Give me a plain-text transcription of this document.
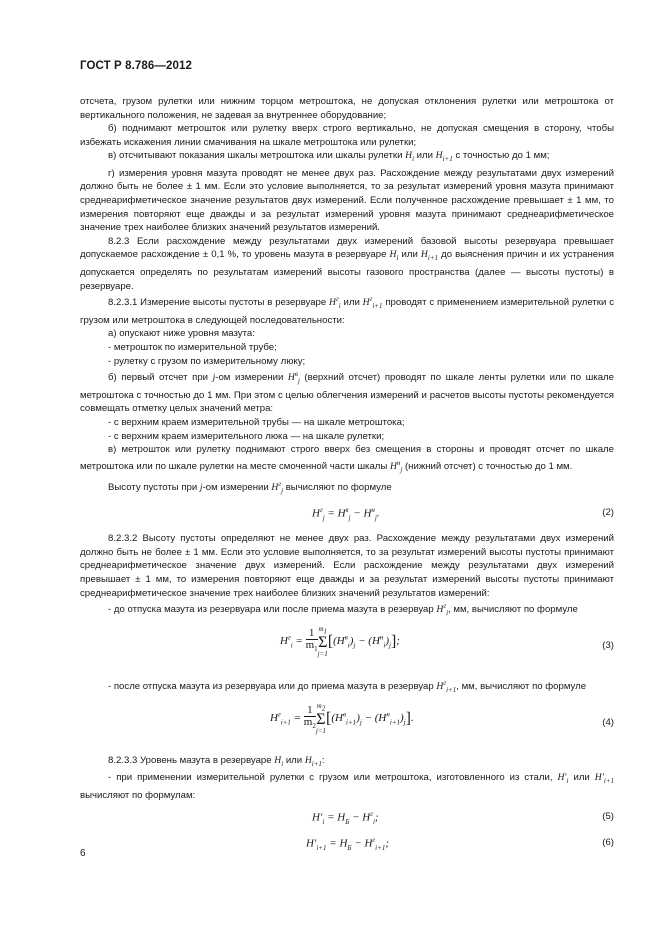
ГОСТ Р 8.786—2012

отсчета, грузом рулетки или нижним торцом метроштока, не допуская отклонения рулетки или метроштока от вертикального положения, не задевая за внутреннее оборудование;

б) поднимают метрошток или рулетку вверх строго вертикально, не допуская смещения в сторону, чтобы избежать искажения линии смачивания на шкале метроштока или рулетки;

в) отсчитывают показания шкалы метроштока или шкалы рулетки $H_i$ или $H_{i+1}$ с точностью до 1 мм;

г) измерения уровня мазута проводят не менее двух раз. Расхождение между результатами двух измерений должно быть не более ± 1 мм. Если это условие выполняется, то за результат измерений уровня мазута принимают среднеарифметическое значение результатов двух измерений. Если полученное расхождение превышает ± 1 мм, то измерения повторяют еще дважды и за результат измерений уровня мазута принимают среднеарифметическое значение трех наиболее близких значений результатов измерений.

8.2.3 Если расхождение между результатами двух измерений базовой высоты резервуара превышает допускаемое расхождение ± 0,1 %, то уровень мазута в резервуаре $H_i$ или $H_{i+1}$ до выяснения причин и их устранения допускается определять по результатам измерений высоты газового пространства (далее — высоты пустоты) в резервуаре.

8.2.3.1 Измерение высоты пустоты в резервуаре $H^г_i$ или $H^г_{i+1}$ проводят с применением измерительной рулетки с грузом или метроштока в следующей последовательности:

а) опускают ниже уровня мазута:

- метрошток по измерительной трубе;

- рулетку с грузом по измерительному люку;

б) первый отсчет при j-ом измерении $H^в_j$ (верхний отсчет) проводят по шкале ленты рулетки или по шкале метроштока с точностью до 1 мм. При этом с целью облегчения измерений и расчетов высоты пустоты рекомендуется совмещать отметку целых значений метра:

- с верхним краем измерительной трубы — на шкале метроштока;

- с верхним краем измерительного люка — на шкале рулетки;

в) метрошток или рулетку поднимают строго вверх без смещения в стороны и проводят отсчет по шкале метроштока или по шкале рулетки на месте смоченной части шкалы $H^н_j$ (нижний отсчет) с точностью до 1 мм.

Высоту пустоты при j-ом измерении $H^г_j$ вычисляют по формуле

$H^г_j = H^в_j - H^н_j$.	(2)

8.2.3.2 Высоту пустоты определяют не менее двух раз. Расхождение между результатами двух измерений должно быть не более ± 1 мм. Если это условие выполняется, то за результат измерений высоты пустоты принимают среднеарифметическое значение двух измерений. Если расхождение между результатами двух измерений превышает ± 1 мм, то измерения повторяют еще дважды и за результат измерений высоты пустоты принимают среднеарифметическое значение трех наиболее близких значений результатов измерений:

- до отпуска мазута из резервуара или после приема мазута в резервуар $H^г_i$, мм, вычисляют по формуле

$H^г_i = \frac{1}{m_1} m_1$
Σ
j=1
$[(H^в_i)_j - (H^н_i)_j]$;	(3)

- после отпуска мазута из резервуара или до приема мазута в резервуар $H^г_{i+1}$, мм, вычисляют по формуле

$H^г_{i+1} = \frac{1}{m_2} m_2$
Σ
j=1
$[(H^в_{i+1})_j - (H^н_{i+1})_j]$.	(4)

8.2.3.3 Уровень мазута в резервуаре $H_i$ или $H_{i+1}$:

- при применении измерительной рулетки с грузом или метроштока, изготовленного из стали, $H'_i$ или $H'_{i+1}$ вычисляют по формулам:

$H'_i = H_Б - H^г_i$;	(5)
$H'_{i+1} = H_Б - H^г_{i+1}$;	(6)
6
